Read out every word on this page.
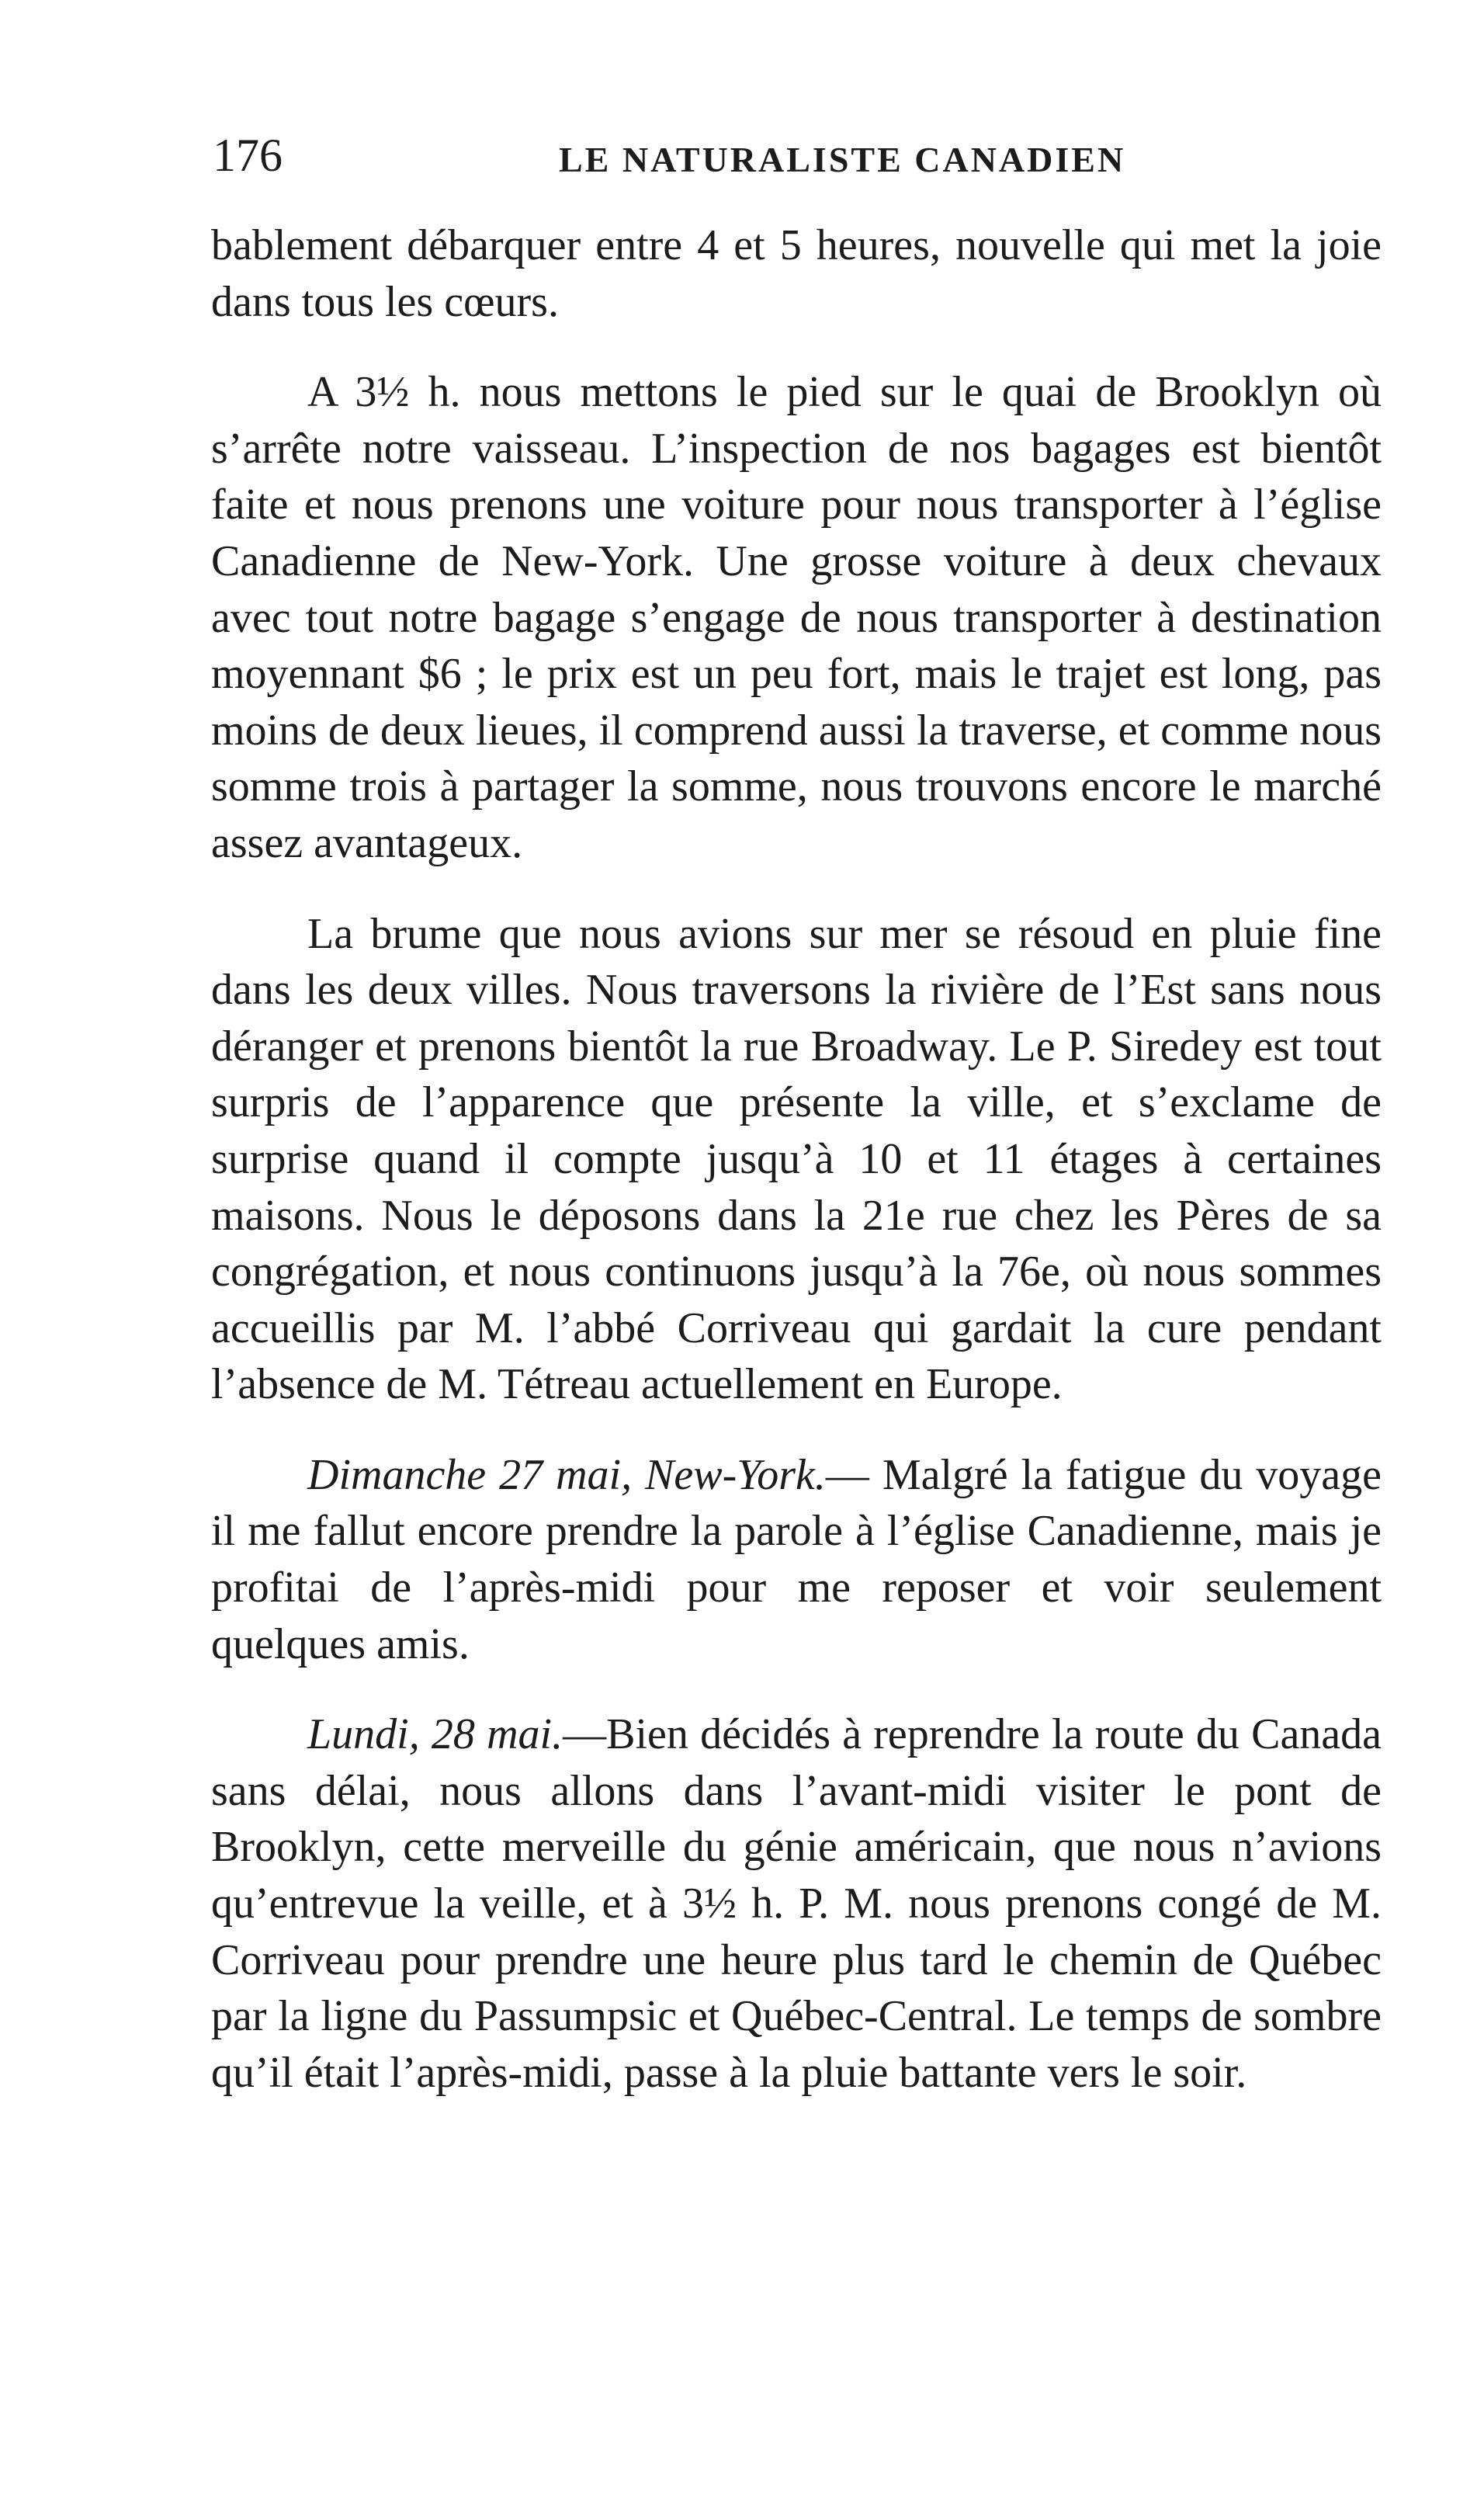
176	LE NATURALISTE CANADIEN

bablement débarquer entre 4 et 5 heures, nouvelle qui met la joie dans tous les cœurs.

A 3½ h. nous mettons le pied sur le quai de Brooklyn où s’arrête notre vaisseau. L’inspection de nos bagages est bientôt faite et nous prenons une voiture pour nous transporter à l’église Canadienne de New-York. Une grosse voiture à deux chevaux avec tout notre bagage s’engage de nous transporter à destination moyennant $6 ; le prix est un peu fort, mais le trajet est long, pas moins de deux lieues, il comprend aussi la traverse, et comme nous somme trois à partager la somme, nous trouvons encore le marché assez avantageux.

La brume que nous avions sur mer se résoud en pluie fine dans les deux villes. Nous traversons la rivière de l’Est sans nous déranger et prenons bientôt la rue Broadway. Le P. Siredey est tout surpris de l’apparence que présente la ville, et s’exclame de surprise quand il compte jusqu’à 10 et 11 étages à certaines maisons. Nous le déposons dans la 21e rue chez les Pères de sa congrégation, et nous continuons jusqu’à la 76e, où nous sommes accueillis par M. l’abbé Corriveau qui gardait la cure pendant l’absence de M. Tétreau actuellement en Europe.

Dimanche 27 mai, New-York.— Malgré la fatigue du voyage il me fallut encore prendre la parole à l’église Canadienne, mais je profitai de l’après-midi pour me reposer et voir seulement quelques amis.

Lundi, 28 mai.—Bien décidés à reprendre la route du Canada sans délai, nous allons dans l’avant-midi visiter le pont de Brooklyn, cette merveille du génie américain, que nous n’avions qu’entrevue la veille, et à 3½ h. P. M. nous prenons congé de M. Corriveau pour prendre une heure plus tard le chemin de Québec par la ligne du Passumpsic et Québec-Central. Le temps de sombre qu’il était l’après-midi, passe à la pluie battante vers le soir.
